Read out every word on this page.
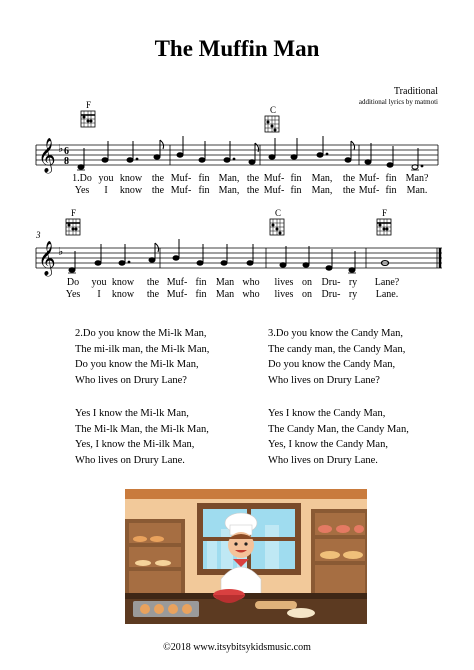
The Muffin Man
Traditional
additional lyrics by matmoti
𝄞 ♭ 6
8
F	C
3
𝄞 ♭
F	C	F
1.Do you know the Muf- fin Man, the Muf- fin Man, the Muf- fin Man?
Yes I know the Muf- fin Man, the Muf- fin Man, the Muf- fin Man.
Do you know the Muf- fin Man who lives on Dru- ry Lane?
Yes I know the Muf- fin Man who lives on Dru- ry Lane.
2.Do you know the Mi-lk Man,
The mi-ilk man, the Mi-lk Man,
Do you know the Mi-lk Man,
Who lives on Drury Lane?
Yes I know the Mi-lk Man,
The Mi-lk Man, the Mi-lk Man,
Yes, I know the Mi-ilk Man,
Who lives on Drury Lane.
3.Do you know the Candy Man,
The candy man, the Candy Man,
Do you know the Candy Man,
Who lives on Drury Lane?
Yes I know the Candy Man,
The Candy Man, the Candy Man,
Yes, I know the Candy Man,
Who lives on Drury Lane.
©2018 www.itsybitsykidsmusic.com
